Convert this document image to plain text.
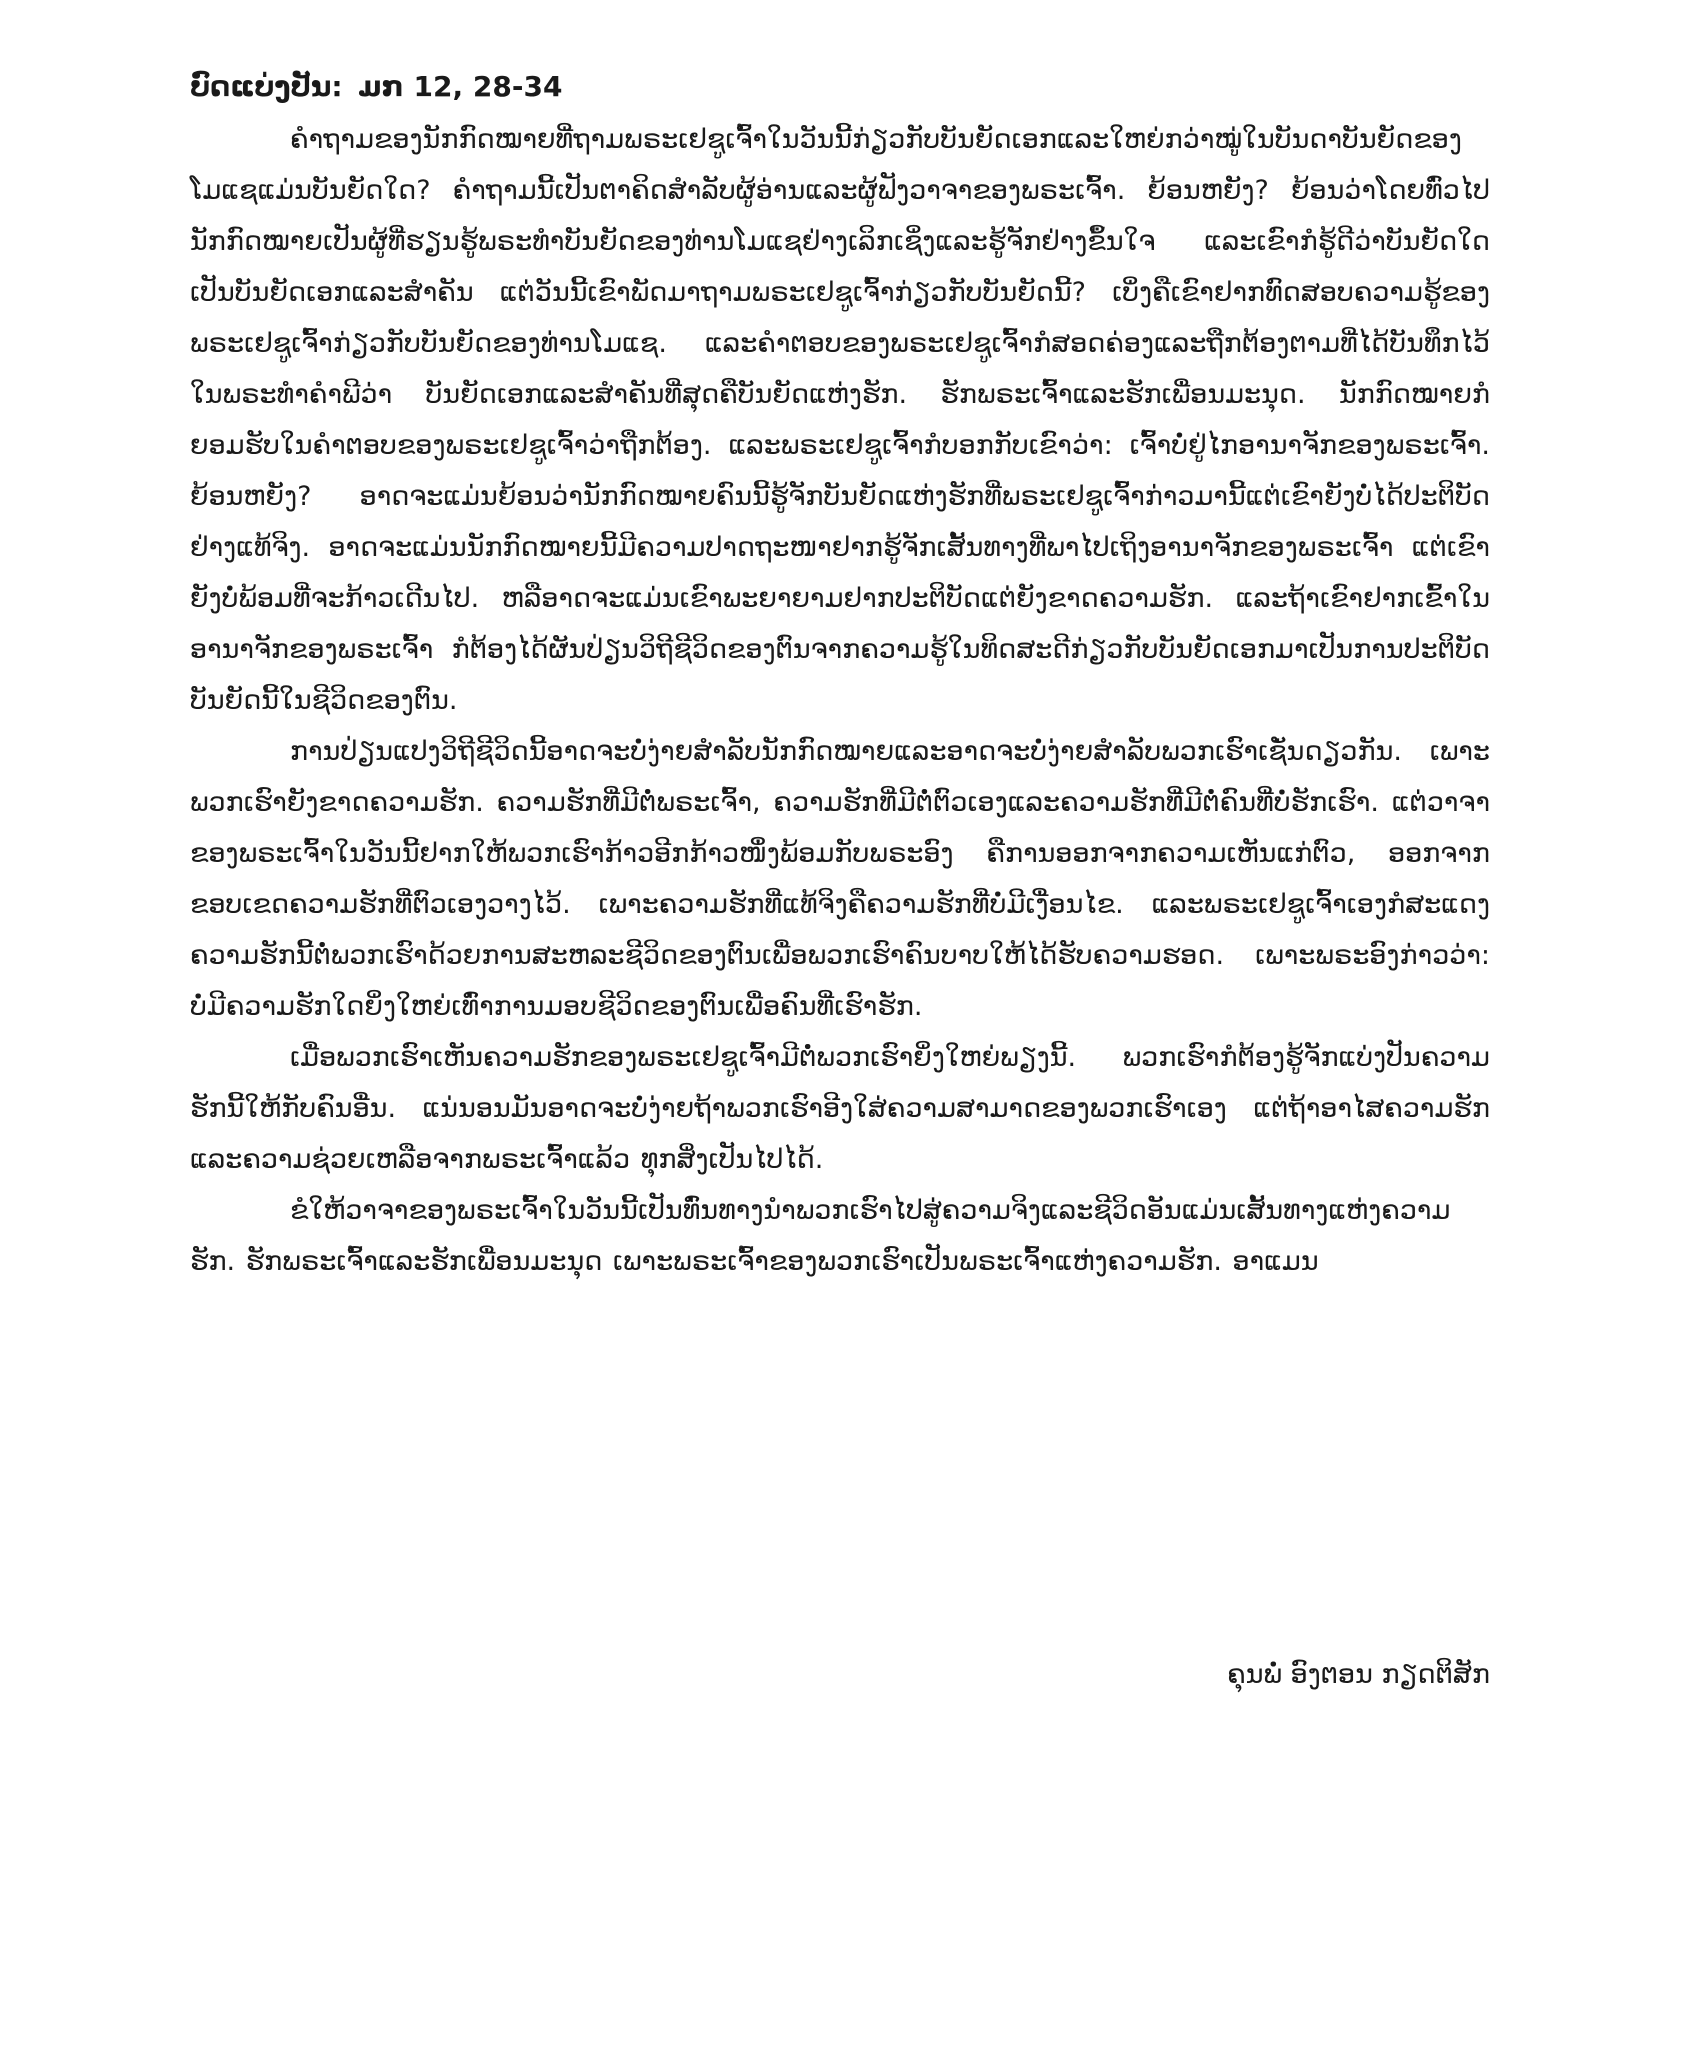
ບົດແບ່ງປັນ: ມກ 12, 28-34

ຄຳຖາມຂອງນັກກົດໝາຍທີ່ຖາມພຣະເຢຊູເຈົ້າໃນວັນນີ້ກ່ຽວກັບບັນຍັດເອກແລະໃຫຍ່ກວ່າໝູ່ໃນບັນດາບັນຍັດຂອງໂມແຊແມ່ນບັນຍັດໃດ? ຄຳຖາມນີ້ເປັນຕາຄິດສຳລັບຜູ້ອ່ານແລະຜູ້ຟັງວາຈາຂອງພຣະເຈົ້າ. ຍ້ອນຫຍັງ? ຍ້ອນວ່າໂດຍທົ່ວໄປນັກກົດໝາຍເປັນຜູ້ທີ່ຮຽນຮູ້ພຣະທຳບັນຍັດຂອງທ່ານໂມແຊຢ່າງເລິກເຊິ່ງແລະຮູ້ຈັກຢ່າງຂຶ້ນໃຈ ແລະເຂົາກໍຮູ້ດີວ່າບັນຍັດໃດເປັນບັນຍັດເອກແລະສຳຄັນ ແຕ່ວັນນີ້ເຂົາພັດມາຖາມພຣະເຢຊູເຈົ້າກ່ຽວກັບບັນຍັດນີ້? ເບິ່ງຄືເຂົາຢາກທົດສອບຄວາມຮູ້ຂອງພຣະເຢຊູເຈົ້າກ່ຽວກັບບັນຍັດຂອງທ່ານໂມແຊ. ແລະຄຳຕອບຂອງພຣະເຢຊູເຈົ້າກໍສອດຄ່ອງແລະຖືກຕ້ອງຕາມທີ່ໄດ້ບັນທຶກໄວ້ໃນພຣະທຳຄຳພີວ່າ ບັນຍັດເອກແລະສຳຄັນທີ່ສຸດຄືບັນຍັດແຫ່ງຮັກ. ຮັກພຣະເຈົ້າແລະຮັກເພື່ອນມະນຸດ. ນັກກົດໝາຍກໍຍອມຮັບໃນຄຳຕອບຂອງພຣະເຢຊູເຈົ້າວ່າຖືກຕ້ອງ. ແລະພຣະເຢຊູເຈົ້າກໍບອກກັບເຂົາວ່າ: ເຈົ້າບໍ່ຢູ່ໄກອານາຈັກຂອງພຣະເຈົ້າ. ຍ້ອນຫຍັງ? ອາດຈະແມ່ນຍ້ອນວ່ານັກກົດໝາຍຄົນນີ້ຮູ້ຈັກບັນຍັດແຫ່ງຮັກທີ່ພຣະເຢຊູເຈົ້າກ່າວມານີ້ແຕ່ເຂົາຍັງບໍ່ໄດ້ປະຕິບັດຢ່າງແທ້ຈິງ. ອາດຈະແມ່ນນັກກົດໝາຍນີ້ມີຄວາມປາດຖະໜາຢາກຮູ້ຈັກເສັ້ນທາງທີ່ພາໄປເຖິງອານາຈັກຂອງພຣະເຈົ້າ ແຕ່ເຂົາຍັງບໍ່ພ້ອມທີ່ຈະກ້າວເດີນໄປ. ຫລືອາດຈະແມ່ນເຂົາພະຍາຍາມຢາກປະຕິບັດແຕ່ຍັງຂາດຄວາມຮັກ. ແລະຖ້າເຂົາຢາກເຂົ້າໃນອານາຈັກຂອງພຣະເຈົ້າ ກໍຕ້ອງໄດ້ຜັນປ່ຽນວິຖີຊີວິດຂອງຕົນຈາກຄວາມຮູ້ໃນທິດສະດີກ່ຽວກັບບັນຍັດເອກມາເປັນການປະຕິບັດບັນຍັດນີ້ໃນຊີວິດຂອງຕົນ.

ການປ່ຽນແປງວິຖີຊີວິດນີ້ອາດຈະບໍ່ງ່າຍສຳລັບນັກກົດໝາຍແລະອາດຈະບໍ່ງ່າຍສຳລັບພວກເຮົາເຊັ່ນດຽວກັນ. ເພາະພວກເຮົາຍັງຂາດຄວາມຮັກ. ຄວາມຮັກທີ່ມີຕໍ່ພຣະເຈົ້າ, ຄວາມຮັກທີ່ມີຕໍ່ຕົວເອງແລະຄວາມຮັກທີ່ມີຕໍ່ຄົນທີ່ບໍ່ຮັກເຮົາ. ແຕ່ວາຈາຂອງພຣະເຈົ້າໃນວັນນີ້ຢາກໃຫ້ພວກເຮົາກ້າວອີກກ້າວໜຶ່ງພ້ອມກັບພຣະອົງ ຄືການອອກຈາກຄວາມເຫັນແກ່ຕົວ, ອອກຈາກຂອບເຂດຄວາມຮັກທີ່ຕົວເອງວາງໄວ້. ເພາະຄວາມຮັກທີ່ແທ້ຈິງຄືຄວາມຮັກທີ່ບໍ່ມີເງື່ອນໄຂ. ແລະພຣະເຢຊູເຈົ້າເອງກໍສະແດງຄວາມຮັກນີ້ຕໍ່ພວກເຮົາດ້ວຍການສະຫລະຊີວິດຂອງຕົນເພື່ອພວກເຮົາຄົນບາບໃຫ້ໄດ້ຮັບຄວາມຮອດ. ເພາະພຣະອົງກ່າວວ່າ: ບໍ່ມີຄວາມຮັກໃດຍິ່ງໃຫຍ່ເທົ່າການມອບຊີວິດຂອງຕົນເພື່ອຄົນທີ່ເຮົາຮັກ.

ເມື່ອພວກເຮົາເຫັນຄວາມຮັກຂອງພຣະເຢຊູເຈົ້າມີຕໍ່ພວກເຮົາຍິ່ງໃຫຍ່ພຽງນີ້. ພວກເຮົາກໍຕ້ອງຮູ້ຈັກແບ່ງປັນຄວາມຮັກນີ້ໃຫ້ກັບຄົນອື່ນ. ແນ່ນອນມັນອາດຈະບໍ່ງ່າຍຖ້າພວກເຮົາອີງໃສ່ຄວາມສາມາດຂອງພວກເຮົາເອງ ແຕ່ຖ້າອາໄສຄວາມຮັກແລະຄວາມຊ່ວຍເຫລືອຈາກພຣະເຈົ້າແລ້ວ ທຸກສິ່ງເປັນໄປໄດ້.

ຂໍໃຫ້ວາຈາຂອງພຣະເຈົ້າໃນວັນນີ້ເປັນທົ່ນທາງນຳພວກເຮົາໄປສູ່ຄວາມຈິງແລະຊີວິດອັນແມ່ນເສັ້ນທາງແຫ່ງຄວາມຮັກ. ຮັກພຣະເຈົ້າແລະຮັກເພື່ອນມະນຸດ ເພາະພຣະເຈົ້າຂອງພວກເຮົາເປັນພຣະເຈົ້າແຫ່ງຄວາມຮັກ. ອາແມນ

ຄຸນພໍ່ ອົງຕອນ ກຽດຕິສັກ
